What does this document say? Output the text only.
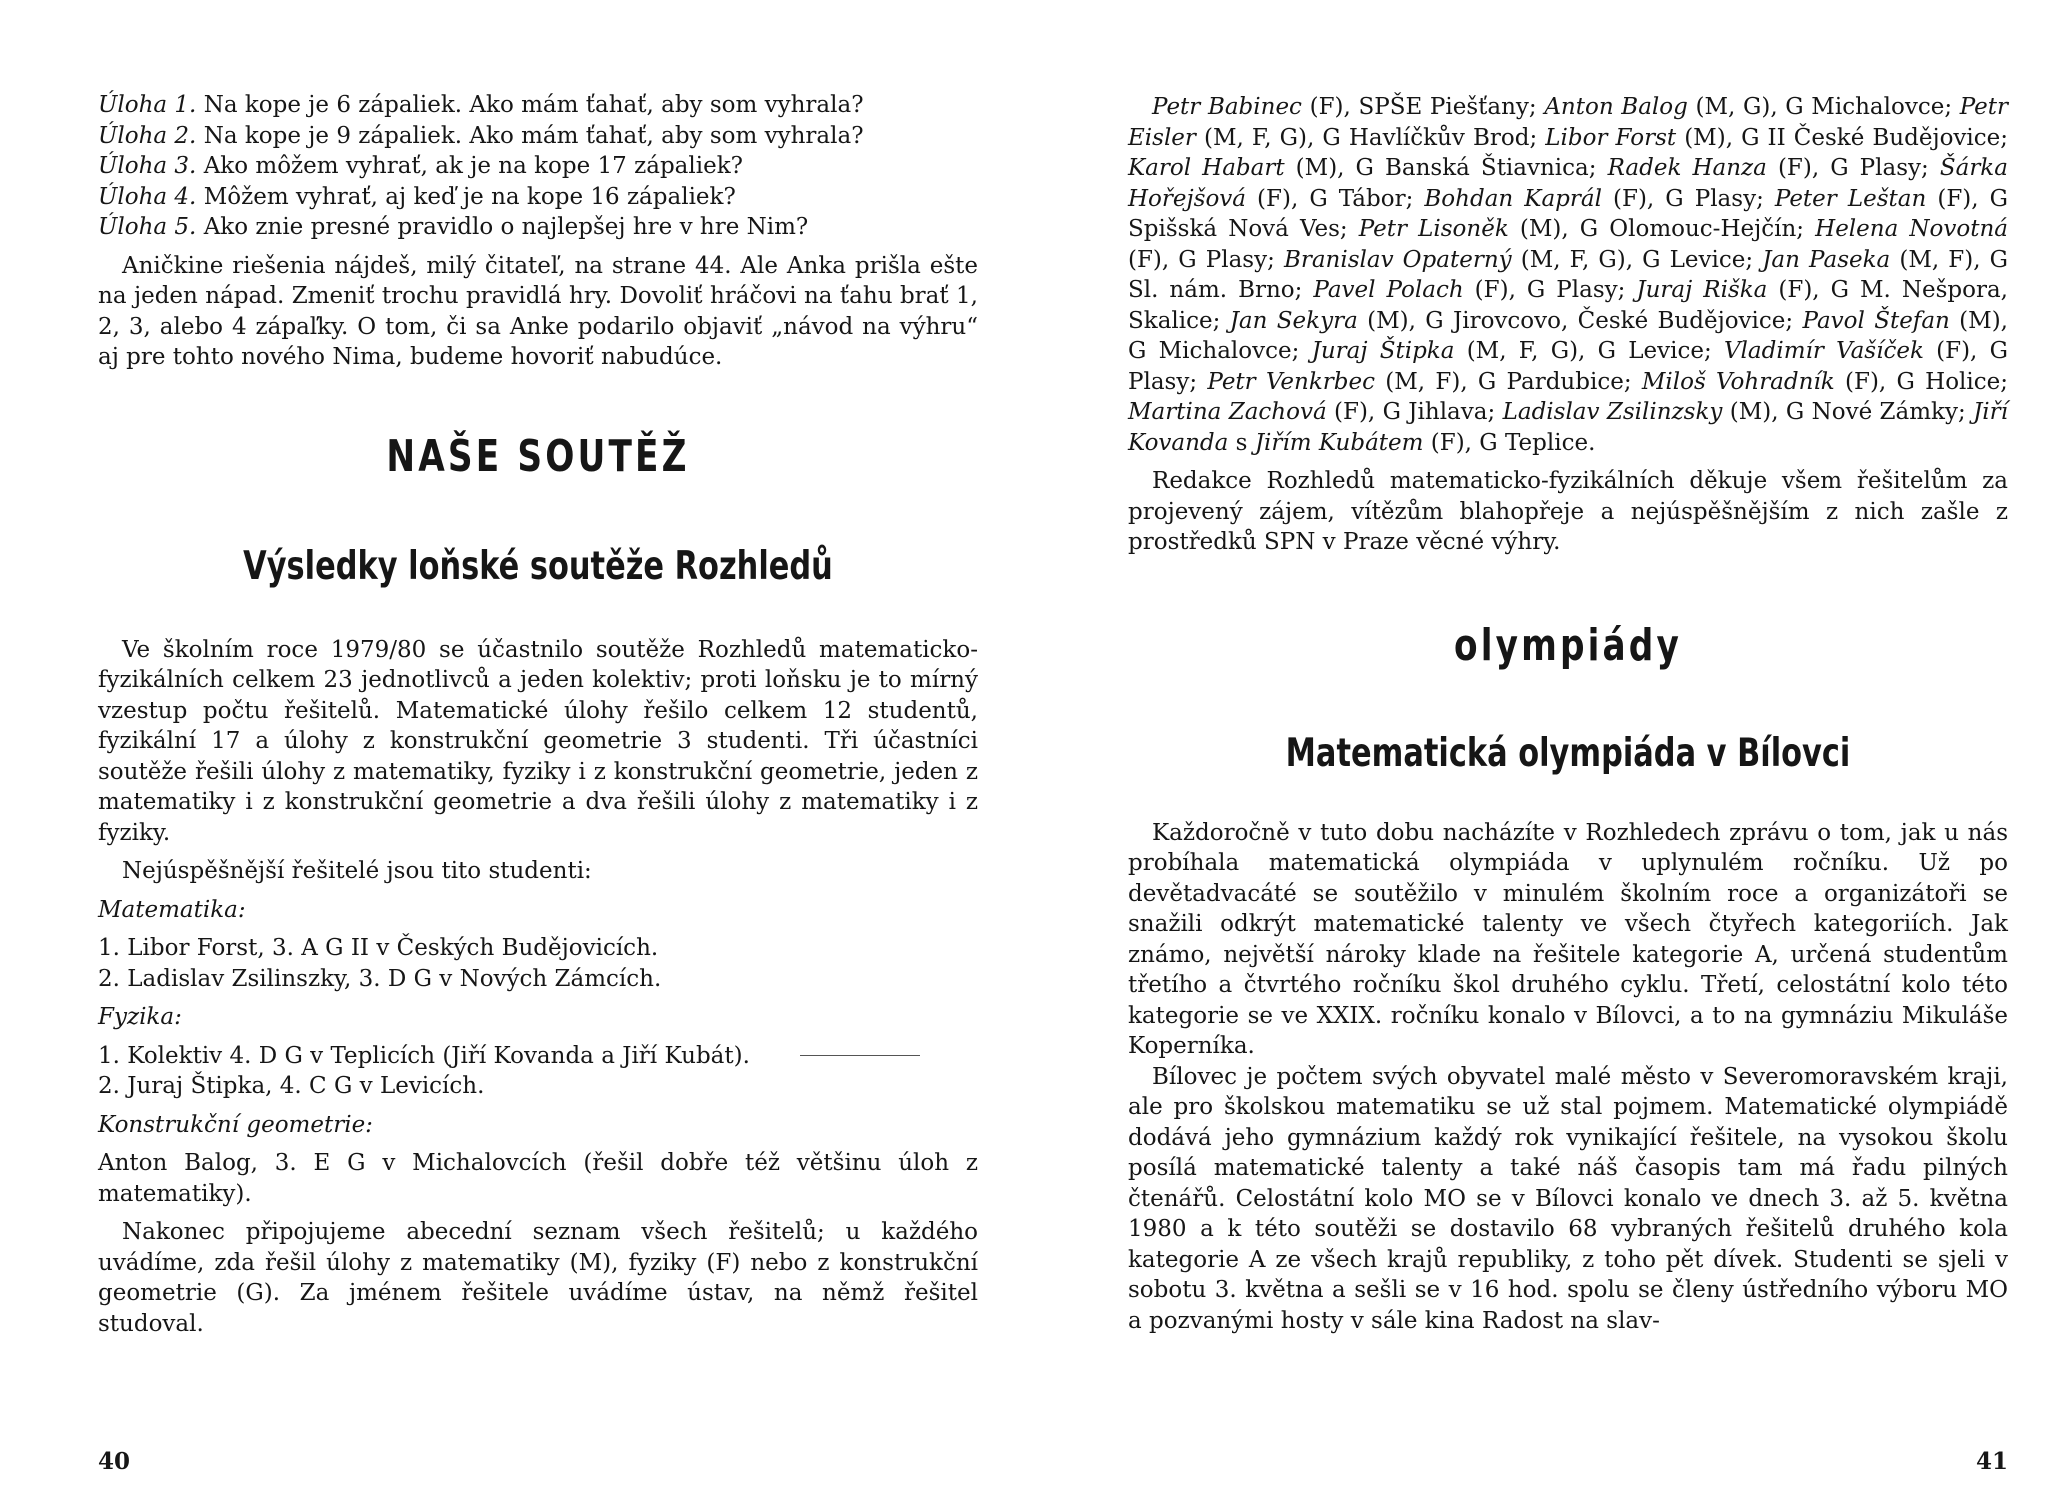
Úloha 1. Na kope je 6 zápaliek. Ako mám ťahať, aby som vyhrala?

Úloha 2. Na kope je 9 zápaliek. Ako mám ťahať, aby som vyhrala?

Úloha 3. Ako môžem vyhrať, ak je na kope 17 zápaliek?

Úloha 4. Môžem vyhrať, aj keď je na kope 16 zápaliek?

Úloha 5. Ako znie presné pravidlo o najlepšej hre v hre Nim?

Aničkine riešenia nájdeš, milý čitateľ, na strane 44. Ale Anka prišla ešte na jeden nápad. Zmeniť trochu pravidlá hry. Dovoliť hráčovi na ťahu brať 1, 2, 3, alebo 4 zápaľky. O tom, či sa Anke podarilo objaviť „návod na výhru“ aj pre tohto nového Nima, budeme hovoriť nabudúce.

NAŠE SOUTĚŽ
Výsledky loňské soutěže Rozhledů

Ve školním roce 1979/80 se účastnilo soutěže Rozhledů matematicko-fyzikálních celkem 23 jednotlivců a jeden kolektiv; proti loňsku je to mírný vzestup počtu řešitelů. Matematické úlohy řešilo celkem 12 studentů, fyzikální 17 a úlohy z konstrukční geometrie 3 studenti. Tři účastníci soutěže řešili úlohy z matematiky, fyziky i z konstrukční geometrie, jeden z matematiky i z konstrukční geometrie a dva řešili úlohy z matematiky i z fyziky.

Nejúspěšnější řešitelé jsou tito studenti:

Matematika:

1. Libor Forst, 3. A G II v Českých Budějovicích.

2. Ladislav Zsilinszky, 3. D G v Nových Zámcích.

Fyzika:

1. Kolektiv 4. D G v Teplicích (Jiří Kovanda a Jiří Kubát).

2. Juraj Štipka, 4. C G v Levicích.

Konstrukční geometrie:

Anton Balog, 3. E G v Michalovcích (řešil dobře též většinu úloh z matematiky).

Nakonec připojujeme abecední seznam všech řešitelů; u každého uvádíme, zda řešil úlohy z matematiky (M), fyziky (F) nebo z konstrukční geometrie (G). Za jménem řešitele uvádíme ústav, na němž řešitel studoval.

40

Petr Babinec (F), SPŠE Piešťany; Anton Balog (M, G), G Michalovce; Petr Eisler (M, F, G), G Havlíčkův Brod; Libor Forst (M), G II České Budějovice; Karol Habart (M), G Banská Štiavnica; Radek Hanza (F), G Plasy; Šárka Hořejšová (F), G Tábor; Bohdan Kaprál (F), G Plasy; Peter Leštan (F), G Spišská Nová Ves; Petr Lisoněk (M), G Olomouc-Hejčín; Helena Novotná (F), G Plasy; Branislav Opaterný (M, F, G), G Levice; Jan Paseka (M, F), G Sl. nám. Brno; Pavel Polach (F), G Plasy; Juraj Riška (F), G M. Nešpora, Skalice; Jan Sekyra (M), G Jirovcovo, České Budějovice; Pavol Štefan (M), G Michalovce; Juraj Štipka (M, F, G), G Levice; Vladimír Vašíček (F), G Plasy; Petr Venkrbec (M, F), G Pardubice; Miloš Vohradník (F), G Holice; Martina Zachová (F), G Jihlava; Ladislav Zsilinzsky (M), G Nové Zámky; Jiří Kovanda s Jiřím Kubátem (F), G Teplice.

Redakce Rozhledů matematicko-fyzikálních děkuje všem řešitelům za projevený zájem, vítězům blahopřeje a nejúspěšnějším z nich zašle z prostředků SPN v Praze věcné výhry.

olympiády
Matematická olympiáda v Bílovci

Každoročně v tuto dobu nacházíte v Rozhledech zprávu o tom, jak u nás probíhala matematická olympiáda v uplynulém ročníku. Už po devětadvacáté se soutěžilo v minulém školním roce a organizátoři se snažili odkrýt matematické talenty ve všech čtyřech kategoriích. Jak známo, největší nároky klade na řešitele kategorie A, určená studentům třetího a čtvrtého ročníku škol druhého cyklu. Třetí, celostátní kolo této kategorie se ve XXIX. ročníku konalo v Bílovci, a to na gymnáziu Mikuláše Koperníka.

Bílovec je počtem svých obyvatel malé město v Severomoravském kraji, ale pro školskou matematiku se už stal pojmem. Matematické olympiádě dodává jeho gymnázium každý rok vynikající řešitele, na vysokou školu posílá matematické talenty a také náš časopis tam má řadu pilných čtenářů. Celostátní kolo MO se v Bílovci konalo ve dnech 3. až 5. května 1980 a k této soutěži se dostavilo 68 vybraných řešitelů druhého kola kategorie A ze všech krajů republiky, z toho pět dívek. Studenti se sjeli v sobotu 3. května a sešli se v 16 hod. spolu se členy ústředního výboru MO a pozvanými hosty v sále kina Radost na slav-

41
